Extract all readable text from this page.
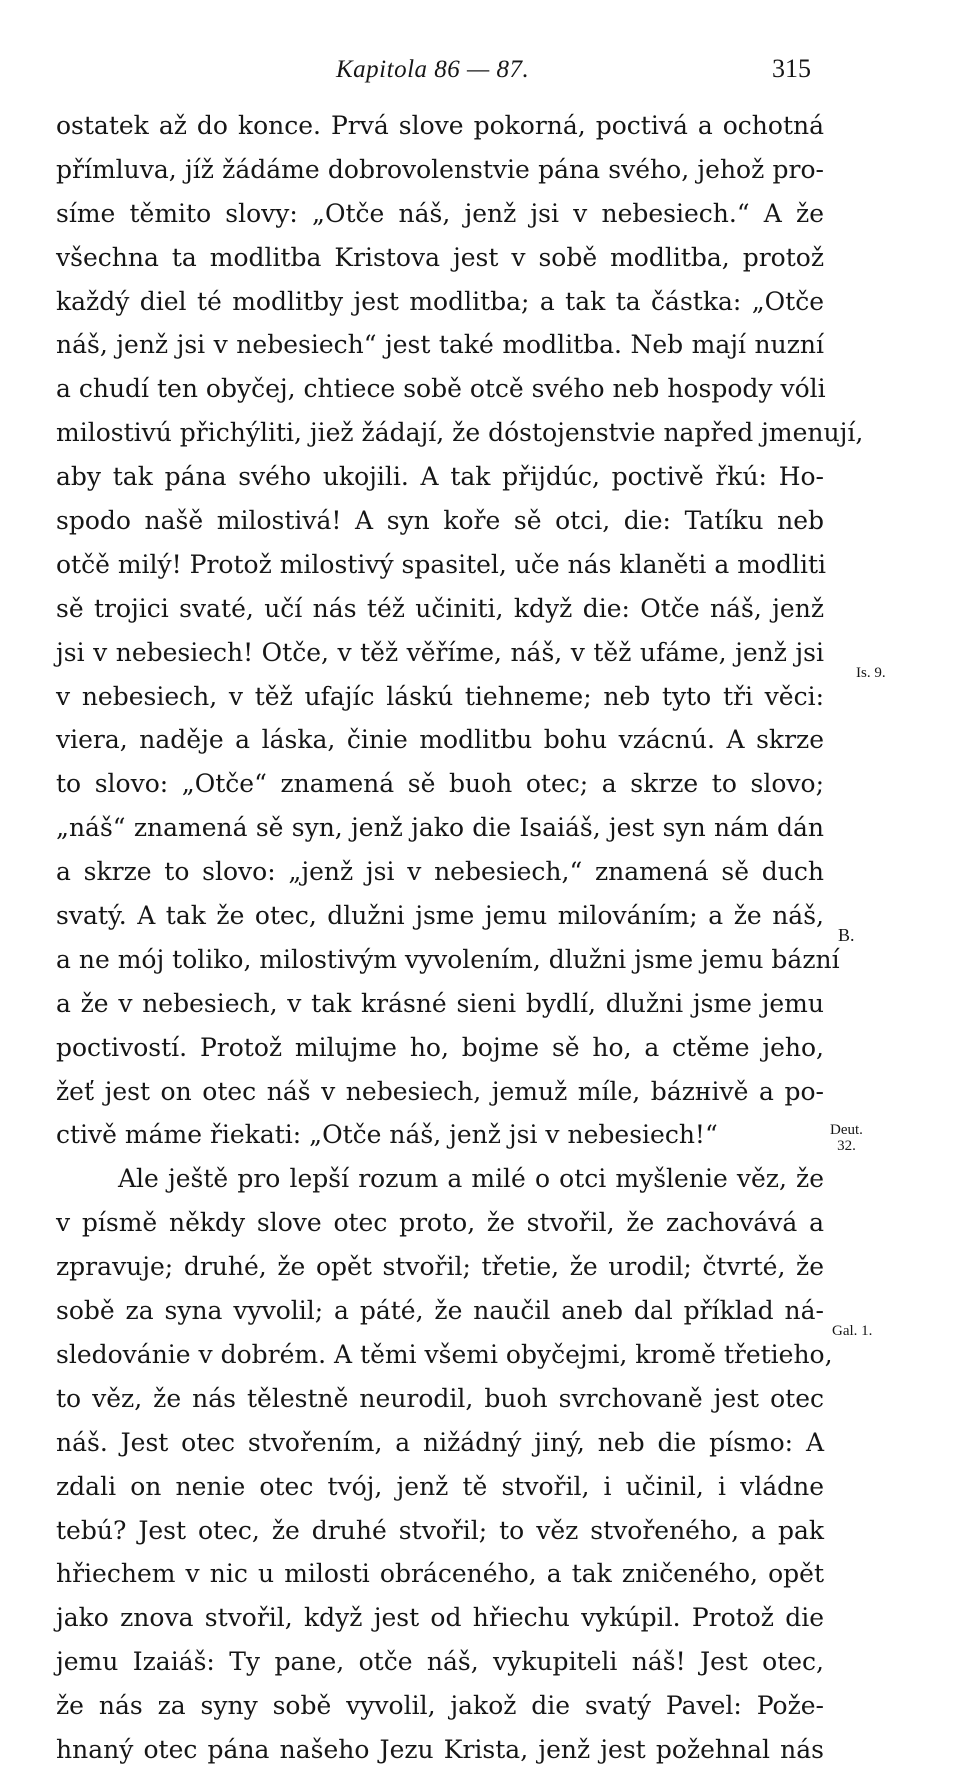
Kapitola 86 — 87.	315
ostatek až do konce. Prvá slove pokorná, poctivá a ochotná
přímluva, jíž žádáme dobrovolenstvie pána svého, jehož pro-
síme těmito slovy: „Otče náš, jenž jsi v nebesiech.“ A že
všechna ta modlitba Kristova jest v sobě modlitba, protož
každý diel té modlitby jest modlitba; a tak ta částka: „Otče
náš, jenž jsi v nebesiech“ jest také modlitba. Neb mají nuzní
a chudí ten obyčej, chtiece sobě otcě svého neb hospody vóli
milostivú přichýliti, jiež žádají, že dóstojenstvie napřed jmenují,
aby tak pána svého ukojili. A tak přijdúc, poctivě řkú: Ho-
spodo našě milostivá! A syn koře sě otci, die: Tatíku neb
otčě milý! Protož milostivý spasitel, uče nás klaněti a modliti
sě trojici svaté, učí nás též učiniti, když die: Otče náš, jenž
jsi v nebesiech! Otče, v těž věříme, náš, v těž ufáme, jenž jsi
v nebesiech, v těž ufajíc láskú tiehneme; neb tyto tři věci:
viera, naděje a láska, činie modlitbu bohu vzácnú. A skrze
to slovo: „Otče“ znamená sě buoh otec; a skrze to slovo;
„náš“ znamená sě syn, jenž jako die Isaiáš, jest syn nám dán
a skrze to slovo: „jenž jsi v nebesiech,“ znamená sě duch
svatý. A tak že otec, dlužni jsme jemu milováním; a že náš,
a ne mój toliko, milostivým vyvolením, dlužni jsme jemu bázní
a že v nebesiech, v tak krásné sieni bydlí, dlužni jsme jemu
poctivostí. Protož milujme ho, bojme sě ho, a ctěme jeho,
žeť jest on otec náš v nebesiech, jemuž míle, bázнivě a po-
ctivě máme řiekati: „Otče náš, jenž jsi v nebesiech!“
Ale ještě pro lepší rozum a milé o otci myšlenie věz, že
v písmě někdy slove otec proto, že stvořil, že zachovává a
zpravuje; druhé, že opět stvořil; třetie, že urodil; čtvrté, že
sobě za syna vyvolil; a páté, že naučil aneb dal příklad ná-
sledovánie v dobrém. A těmi všemi obyčejmi, kromě třetieho,
to věz, že nás tělestně neurodil, buoh svrchovaně jest otec
náš. Jest otec stvořením, a nižádný jiný, neb die písmo: A
zdali on nenie otec tvój, jenž tě stvořil, i učinil, i vládne
tebú? Jest otec, že druhé stvořil; to věz stvořeného, a pak
hřiechem v nic u milosti obráceného, a tak zničeného, opět
jako znova stvořil, když jest od hřiechu vykúpil. Protož die
jemu Izaiáš: Ty pane, otče náš, vykupiteli náš! Jest otec,
že nás za syny sobě vyvolil, jakož die svatý Pavel: Pože-
hnaný otec pána našeho Jezu Krista, jenž jest požehnal nás
Is. 9.
B.
Deut.
32.
Gal. 1.
